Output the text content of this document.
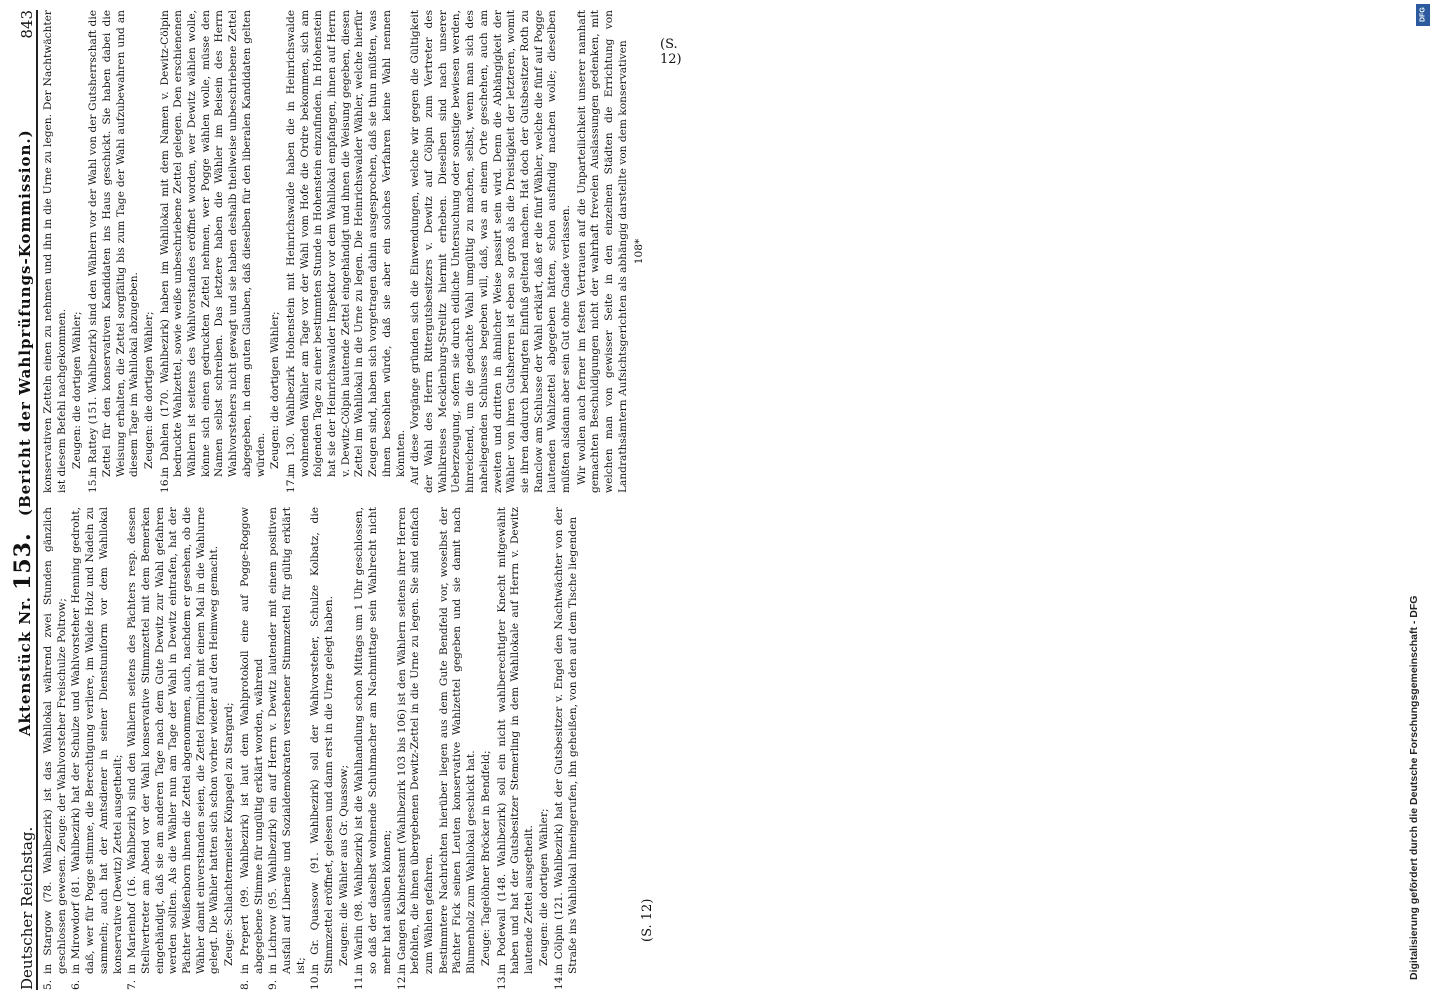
Deutscher Reichstag.
Aktenstück Nr. 153. (Bericht der Wahlprüfungs-Kommission.)
843

5.in Stargow (78. Wahlbezirk) ist das Wahllokal während zwei Stunden gänzlich geschlossen gewesen. Zeuge: der Wahlvorsteher Freischulze Poltrow;

6.in Mirowdorf (81. Wahlbezirk) hat der Schulze und Wahlvorsteher Henning gedroht, daß, wer für Pogge stimme, die Berechtigung verliere, im Walde Holz und Nadeln zu sammeln; auch hat der Amtsdiener in seiner Dienstuniform vor dem Wahllokal konservative (Dewitz) Zettel ausgetheilt;

7.in Marienhof (16. Wahlbezirk) sind den Wählern seitens des Pächters resp. dessen Stellvertreter am Abend vor der Wahl konservative Stimmzettel mit dem Bemerken eingehändigt, daß sie am anderen Tage nach dem Gute Dewitz zur Wahl gefahren werden sollten. Als die Wähler nun am Tage der Wahl in Dewitz eintrafen, hat der Pächter Weißenborn ihnen die Zettel abgenommen, auch, nachdem er gesehen, ob die Wähler damit einverstanden seien, die Zettel förmlich mit einem Mal in die Wahlurne gelegt. Die Wähler hatten sich schon vorher wieder auf den Heimweg gemacht. Zeuge: Schlachtermeister Könpagel zu Stargard;

8.in Prepert (99. Wahlbezirk) ist laut dem Wahlprotokoll eine auf Pogge-Roggow abgegebene Stimme für ungültig erklärt worden, während

9.in Lichrow (95. Wahlbezirk) ein auf Herrn v. Dewitz lautender mit einem positiven Ausfall auf Liberale und Sozialdemokraten versehener Stimmzettel für gültig erklärt ist;

10.in Gr. Quassow (91. Wahlbezirk) soll der Wahlvorsteher, Schulze Kolbatz, die Stimmzettel eröffnet, gelesen und dann erst in die Urne gelegt haben. Zeugen: die Wähler aus Gr. Quassow;

11.in Warlin (98. Wahlbezirk) ist die Wahlhandlung schon Mittags um 1 Uhr geschlossen, so daß der daselbst wohnende Schuhmacher am Nachmittage sein Wahlrecht nicht mehr hat ausüben können;

12.in Gangen Kabinetsamt (Wahlbezirk 103 bis 106) ist den Wählern seitens ihrer Herren befohlen, die ihnen übergebenen Dewitz-Zettel in die Urne zu legen. Sie sind einfach zum Wählen gefahren. Bestimmtere Nachrichten hierüber liegen aus dem Gute Bendfeld vor, woselbst der Pächter Fick seinen Leuten konservative Wahlzettel gegeben und sie damit nach Blumenholz zum Wahllokal geschickt hat. Zeuge: Tagelöhner Bröcker in Bendfeld;

13.in Podewall (148. Wahlbezirk) soll ein nicht wahlberechtigter Knecht mitgewählt haben und hat der Gutsbesitzer Stemerling in dem Wahllokale auf Herrn v. Dewitz lautende Zettel ausgetheilt. Zeugen: die dortigen Wähler;

14.in Cölpin (121. Wahlbezirk) hat der Gutsbesitzer v. Engel den Nachtwächter von der Straße ins Wahllokal hineingerufen, ihn geheißen, von den auf dem Tische liegenden

konservativen Zetteln einen zu nehmen und ihn in die Urne zu legen. Der Nachtwächter ist diesem Befehl nachgekommen. Zeugen: die dortigen Wähler;

15.in Rattey (151. Wahlbezirk) sind den Wählern vor der Wahl von der Gutsherrschaft die Zettel für den konservativen Kandidaten ins Haus geschickt. Sie haben dabei die Weisung erhalten, die Zettel sorgfältig bis zum Tage der Wahl aufzubewahren und an diesem Tage im Wahllokal abzugeben. Zeugen: die dortigen Wähler;

16.in Dahlen (170. Wahlbezirk) haben im Wahllokal mit dem Namen v. Dewitz-Cölpin bedruckte Wahlzettel, sowie weiße unbeschriebene Zettel gelegen. Den erschienenen Wählern ist seitens des Wahlvorstandes eröffnet worden, wer Dewitz wählen wolle, könne sich einen gedruckten Zettel nehmen, wer Pogge wählen wolle, müsse den Namen selbst schreiben. Das letztere haben die Wähler im Beisein des Herrn Wahlvorstehers nicht gewagt und sie haben deshalb theilweise unbeschriebene Zettel abgegeben, in dem guten Glauben, daß dieselben für den liberalen Kandidaten gelten würden. Zeugen: die dortigen Wähler;

17.im 130. Wahlbezirk Hohenstein mit Heinrichswalde haben die in Heinrichswalde wohnenden Wähler am Tage vor der Wahl vom Hofe die Ordre bekommen, sich am folgenden Tage zu einer bestimmten Stunde in Hohenstein einzufinden. In Hohenstein hat sie der Heinrichswalder Inspektor vor dem Wahllokal empfangen, ihnen auf Herrn v. Dewitz-Cölpin lautende Zettel eingehändigt und ihnen die Weisung gegeben, diesen Zettel im Wahllokal in die Urne zu legen. Die Heinrichswalder Wähler, welche hierfür Zeugen sind, haben sich vorgetragen dahin ausgesprochen, daß sie thun müßten, was ihnen besohlen würde, daß sie aber ein solches Verfahren keine Wahl nennen könnten. Auf diese Vorgänge gründen sich die Einwendungen, welche wir gegen die Gültigkeit der Wahl des Herrn Rittergutsbesitzers v. Dewitz auf Cölpin zum Vertreter des Wahlkreises Mecklenburg-Strelitz hiermit erheben. Dieselben sind nach unserer Ueberzeugung, sofern sie durch eidliche Untersuchung oder sonstige bewiesen werden, hinreichend, um die gedachte Wahl umgültig zu machen, selbst, wenn man sich des naheliegenden Schlusses begeben will, daß, was an einem Orte geschehen, auch am zweiten und dritten in ähnlicher Weise passirt sein wird. Denn die Abhängigkeit der Wähler von ihren Gutsherren ist eben so groß als die Dreistigkeit der letzteren, womit sie ihren dadurch bedingten Einfluß geltend machen. Hat doch der Gutsbesitzer Roth zu Ranclow am Schlusse der Wahl erklärt, daß er die fünf Wähler, welche die fünf auf Pogge lautenden Wahlzettel abgegeben hätten, schon ausfindig machen wolle; dieselben müßten alsdann aber sein Gut ohne Gnade verlassen. Wir wollen auch ferner im festen Vertrauen auf die Unparteilichkeit unserer namhaft gemachten Beschuldigungen nicht der wahrhaft frevelen Auslassungen gedenken, mit welchen man von gewisser Seite in den einzelnen Städten die Errichtung von Landrathsämtern Aufsichtsgerichten als abhängig darstellte von dem konservativen 108*

(S. 12)
(S. 12)
Digitalisierung gefördert durch die Deutsche Forschungsgemeinschaft - DFG
DFG
